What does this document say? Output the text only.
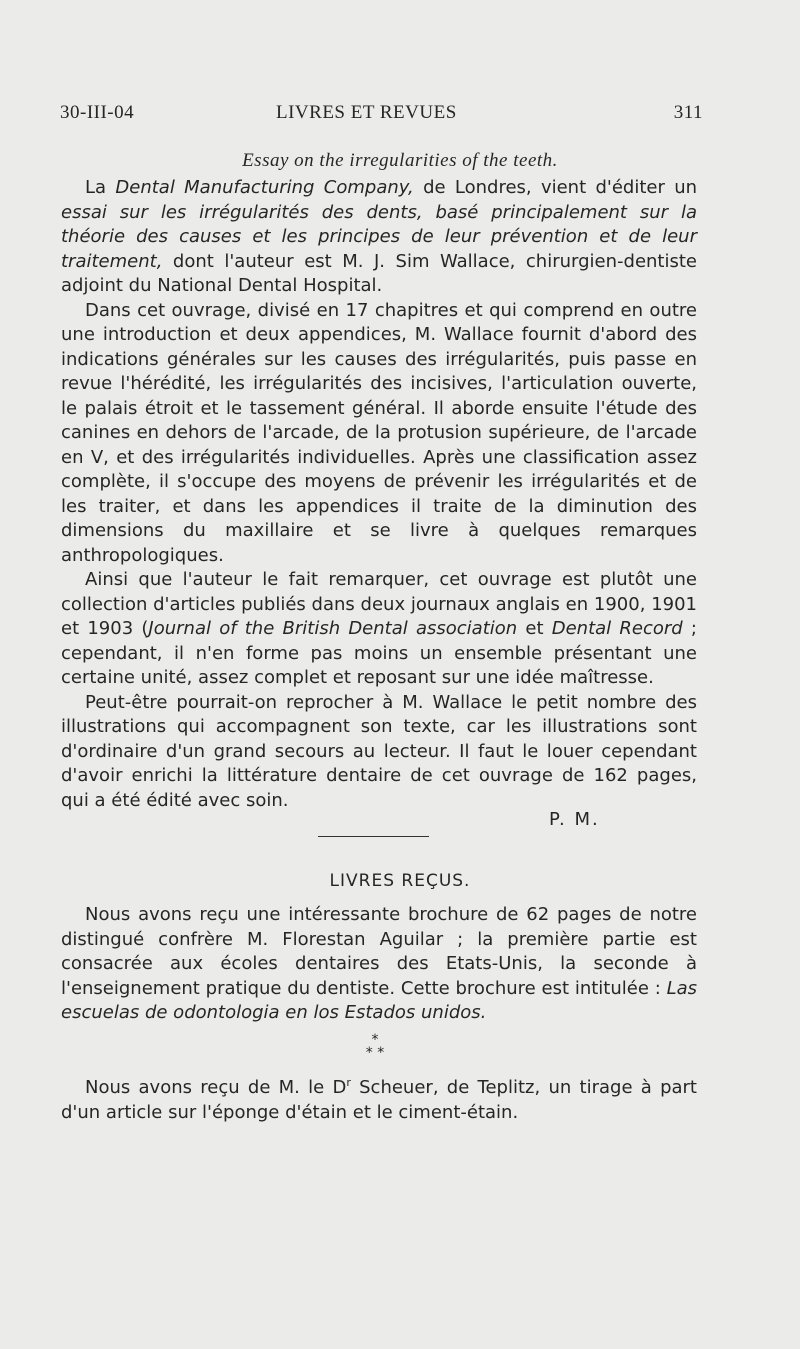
30-III-04	LIVRES ET REVUES	311
Essay on the irregularities of the teeth.

La Dental Manufacturing Company, de Londres, vient d'éditer un essai sur les irrégularités des dents, basé principalement sur la théorie des causes et les principes de leur prévention et de leur traitement, dont l'auteur est M. J. Sim Wallace, chirurgien-dentiste adjoint du National Dental Hospital.

Dans cet ouvrage, divisé en 17 chapitres et qui comprend en outre une introduction et deux appendices, M. Wallace fournit d'abord des indications générales sur les causes des irrégularités, puis passe en revue l'hérédité, les irrégularités des incisives, l'articulation ouverte, le palais étroit et le tassement général. Il aborde ensuite l'étude des canines en dehors de l'arcade, de la protusion supérieure, de l'arcade en V, et des irrégularités individuelles. Après une classification assez complète, il s'occupe des moyens de prévenir les irrégularités et de les traiter, et dans les appendices il traite de la diminution des dimensions du maxillaire et se livre à quelques remarques anthropologiques.

Ainsi que l'auteur le fait remarquer, cet ouvrage est plutôt une collection d'articles publiés dans deux journaux anglais en 1900, 1901 et 1903 (Journal of the British Dental association et Dental Record ; cependant, il n'en forme pas moins un ensemble présentant une certaine unité, assez complet et reposant sur une idée maîtresse.

Peut-être pourrait-on reprocher à M. Wallace le petit nombre des illustrations qui accompagnent son texte, car les illustrations sont d'ordinaire d'un grand secours au lecteur. Il faut le louer cependant d'avoir enrichi la littérature dentaire de cet ouvrage de 162 pages, qui a été édité avec soin.

P. M.
LIVRES REÇUS.

Nous avons reçu une intéressante brochure de 62 pages de notre distingué confrère M. Florestan Aguilar ; la première partie est consacrée aux écoles dentaires des Etats-Unis, la seconde à l'enseignement pratique du dentiste. Cette brochure est intitulée : Las escuelas de odontologia en los Estados unidos.

*
* *

Nous avons reçu de M. le $D^r$ Scheuer, de Teplitz, un tirage à part d'un article sur l'éponge d'étain et le ciment-étain.
